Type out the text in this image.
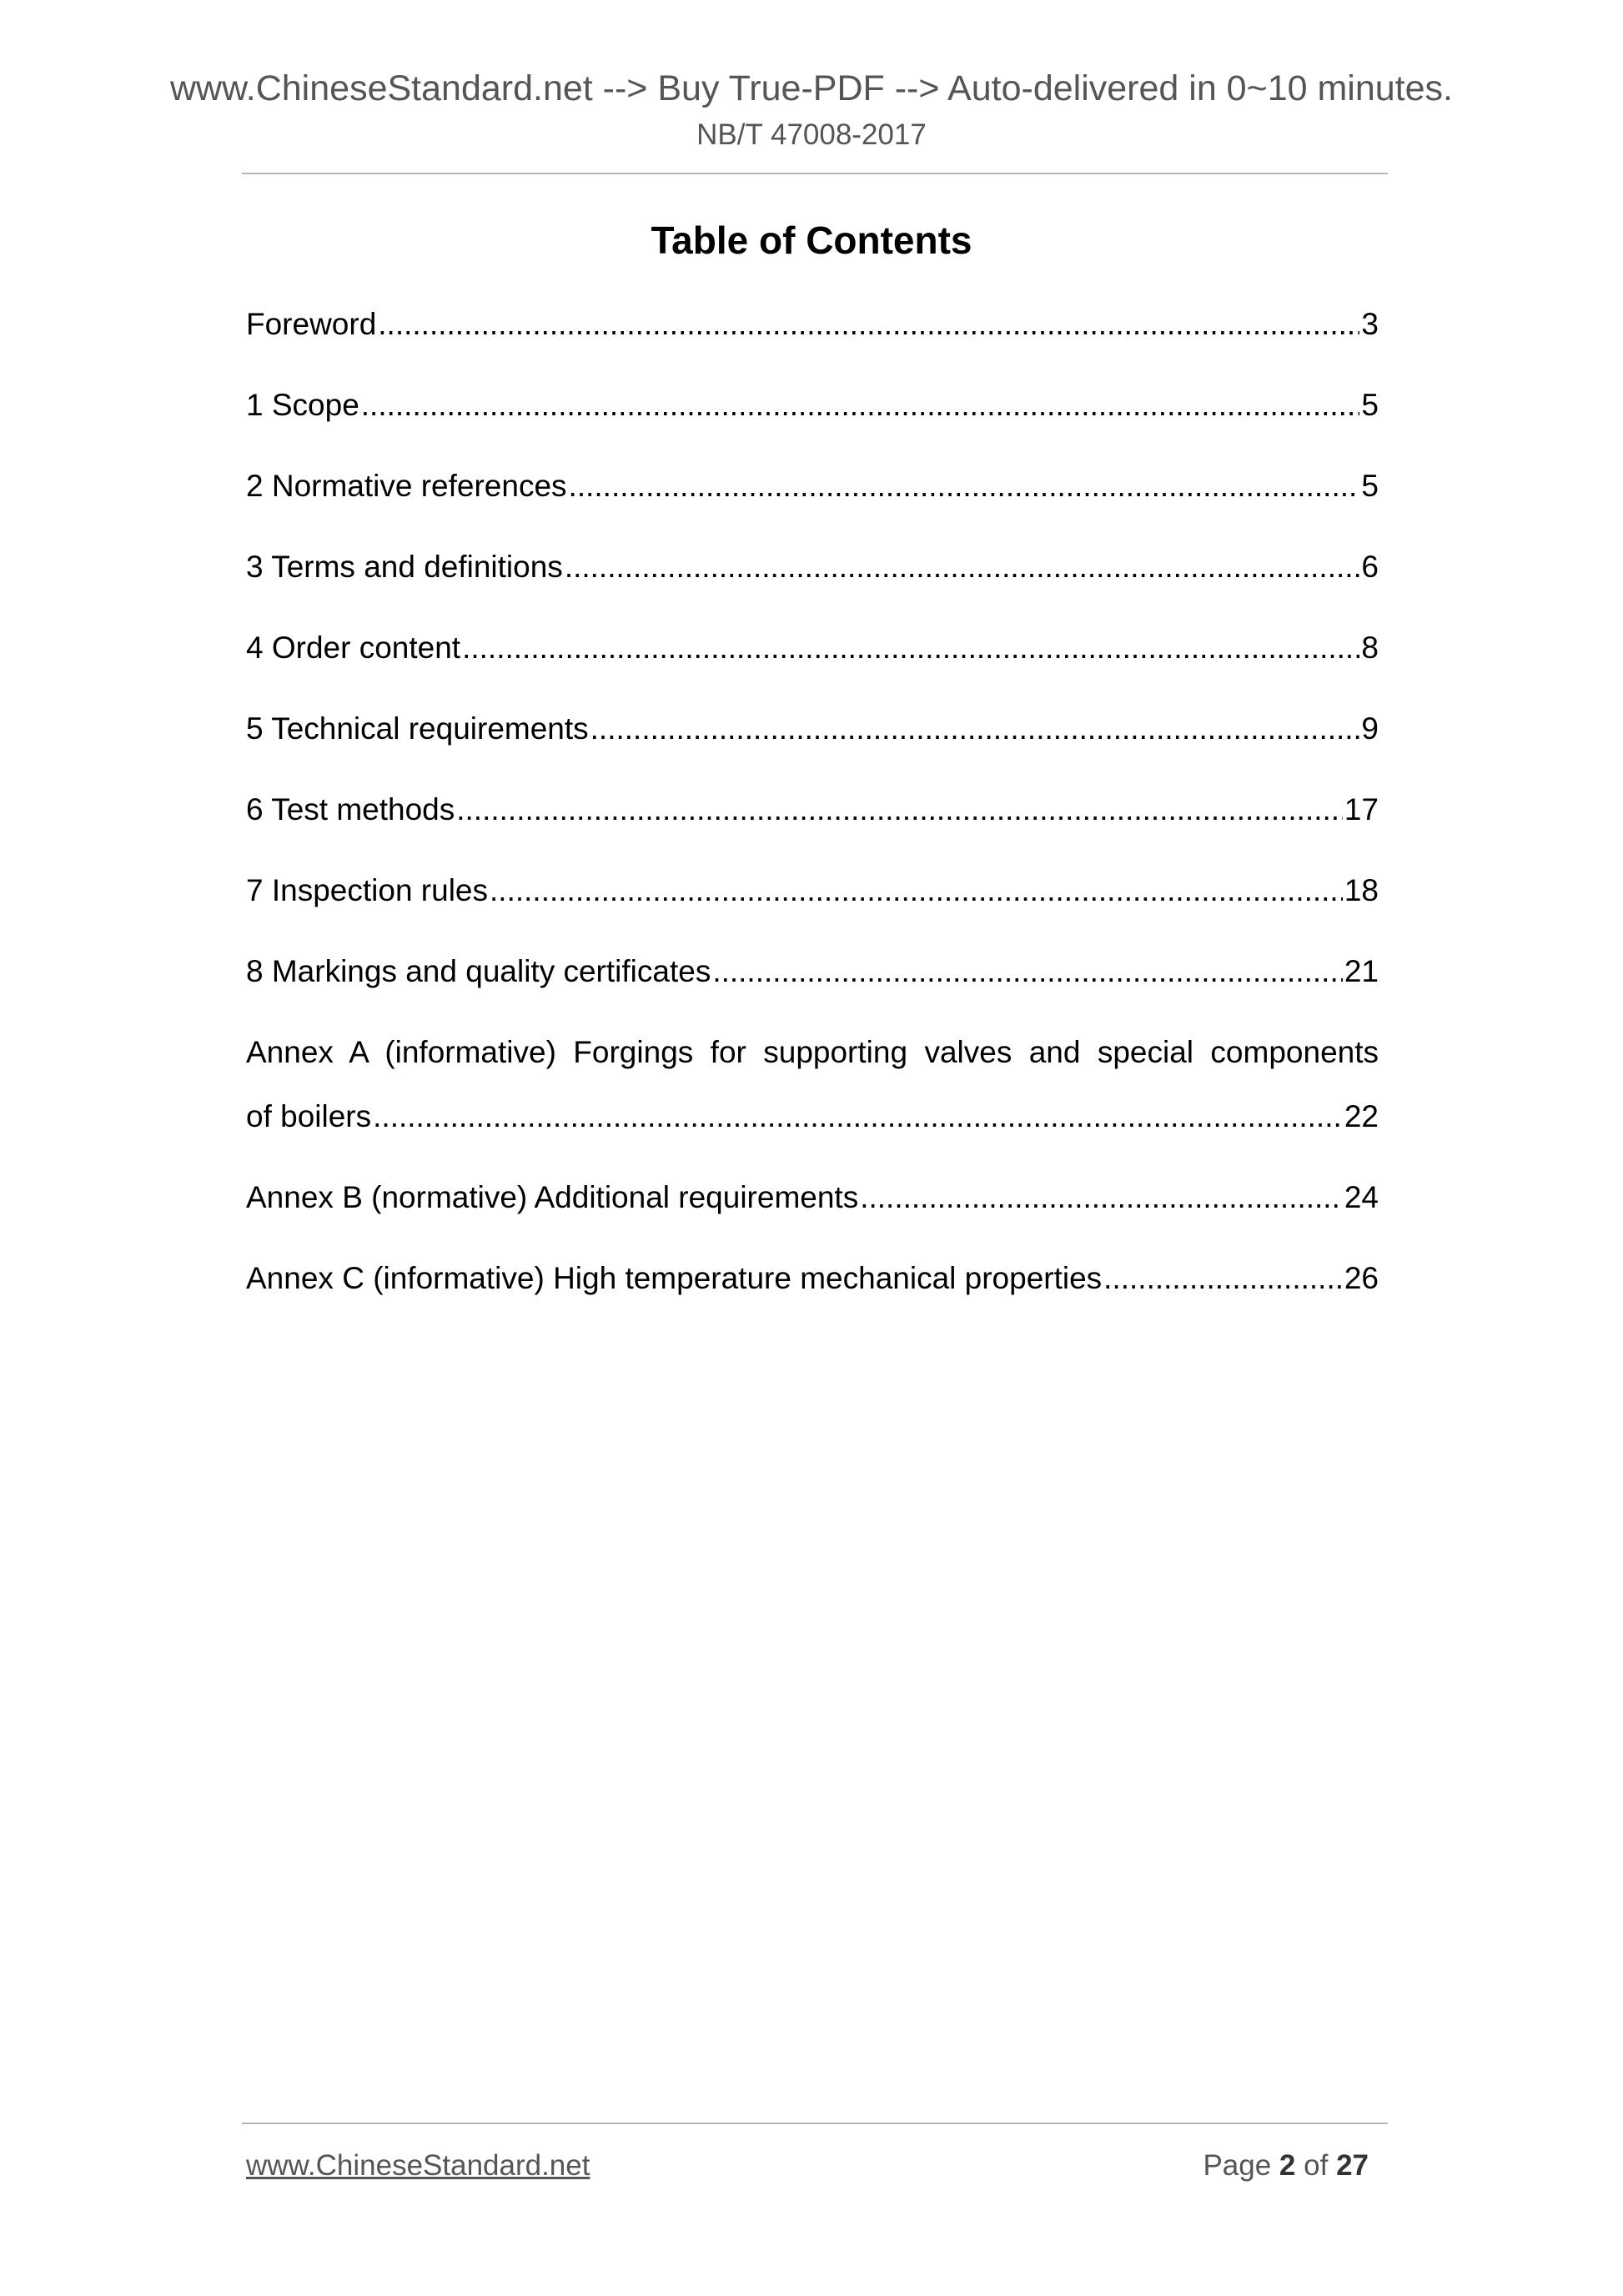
www.ChineseStandard.net --> Buy True-PDF --> Auto-delivered in 0~10 minutes.
NB/T 47008-2017
Table of Contents
Foreword .....	3
1 Scope .....	5
2 Normative references .....	5
3 Terms and definitions .....	6
4 Order content .....	8
5 Technical requirements .....	9
6 Test methods .....	17
7 Inspection rules .....	18
8 Markings and quality certificates .....	21
Annex A (informative) Forgings for supporting valves and special components
of boilers .....	22
Annex B (normative) Additional requirements .....	24
Annex C (informative) High temperature mechanical properties .....	26
www.ChineseStandard.net	Page 2 of 27
